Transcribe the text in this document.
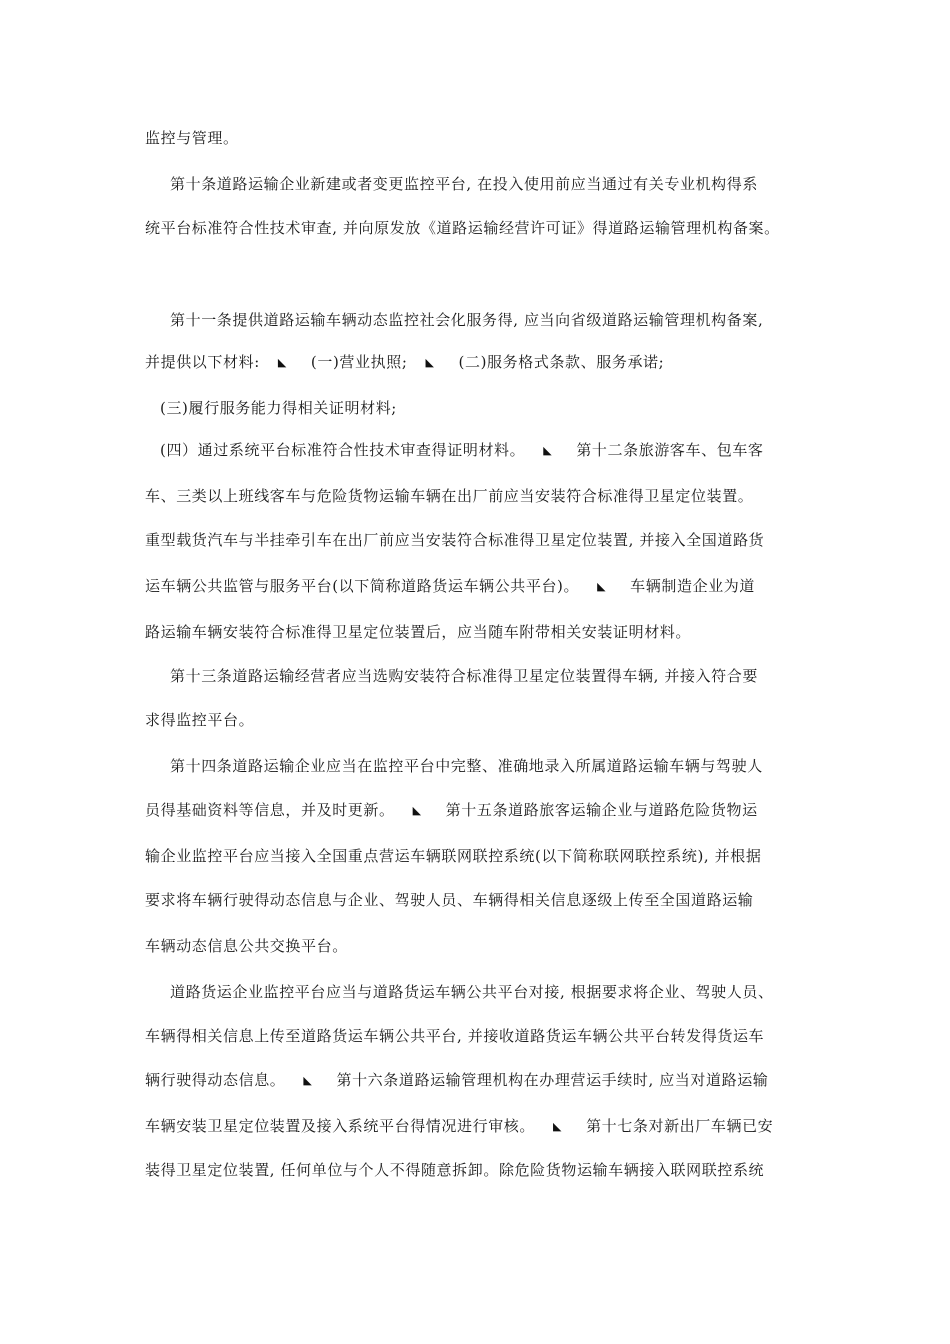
监控与管理。
第十条道路运输企业新建或者变更监控平台, 在投入使用前应当通过有关专业机构得系
统平台标准符合性技术审查, 并向原发放《道路运输经营许可证》得道路运输管理机构备案。
第十一条提供道路运输车辆动态监控社会化服务得, 应当向省级道路运输管理机构备案,
并提供以下材料: ◣ (一)营业执照; ◣ (二)服务格式条款、服务承诺;
(三)履行服务能力得相关证明材料;
(四）通过系统平台标准符合性技术审查得证明材料。 ◣ 第十二条旅游客车、包车客
车、三类以上班线客车与危险货物运输车辆在出厂前应当安装符合标准得卫星定位装置。
重型载货汽车与半挂牵引车在出厂前应当安装符合标准得卫星定位装置, 并接入全国道路货
运车辆公共监管与服务平台(以下简称道路货运车辆公共平台)。 ◣ 车辆制造企业为道
路运输车辆安装符合标准得卫星定位装置后，应当随车附带相关安装证明材料。
第十三条道路运输经营者应当选购安装符合标准得卫星定位装置得车辆, 并接入符合要
求得监控平台。
第十四条道路运输企业应当在监控平台中完整、准确地录入所属道路运输车辆与驾驶人
员得基础资料等信息，并及时更新。 ◣ 第十五条道路旅客运输企业与道路危险货物运
输企业监控平台应当接入全国重点营运车辆联网联控系统(以下简称联网联控系统), 并根据
要求将车辆行驶得动态信息与企业、驾驶人员、车辆得相关信息逐级上传至全国道路运输
车辆动态信息公共交换平台。
道路货运企业监控平台应当与道路货运车辆公共平台对接, 根据要求将企业、驾驶人员、
车辆得相关信息上传至道路货运车辆公共平台, 并接收道路货运车辆公共平台转发得货运车
辆行驶得动态信息。 ◣ 第十六条道路运输管理机构在办理营运手续时, 应当对道路运输
车辆安装卫星定位装置及接入系统平台得情况进行审核。 ◣ 第十七条对新出厂车辆已安
装得卫星定位装置, 任何单位与个人不得随意拆卸。除危险货物运输车辆接入联网联控系统
